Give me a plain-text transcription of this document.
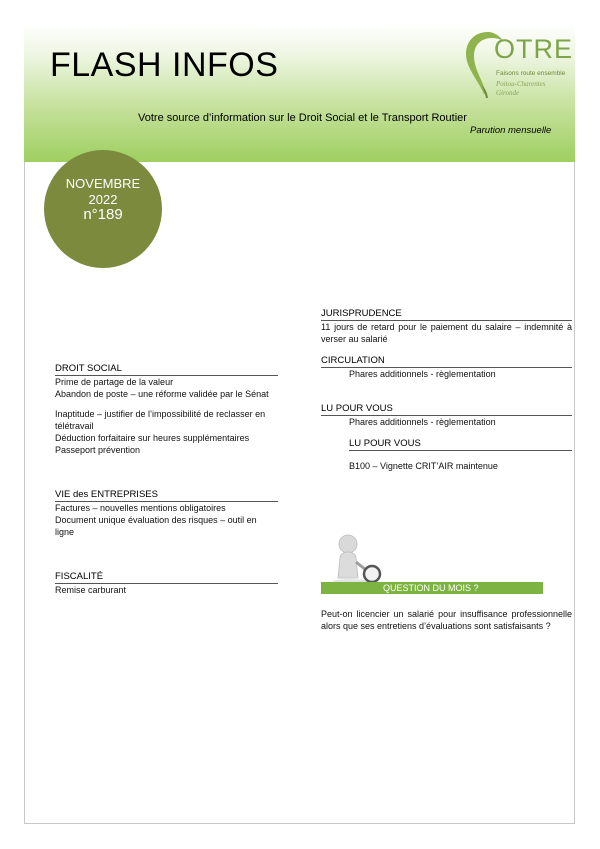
FLASH INFOS
Votre source d’information sur le Droit Social et le Transport Routier
Parution mensuelle
OTRE
Faisons route ensemble
Poitou-Charentes
Gironde
NOVEMBRE
2022
n°189
DROIT SOCIAL
Prime de partage de la valeur
Abandon de poste – une réforme validée par le Sénat
Inaptitude – justifier de l’impossibilité de reclasser en télétravail
Déduction forfaitaire sur heures supplémentaires
Passeport prévention
VIE des ENTREPRISES
Factures – nouvelles mentions obligatoires
Document unique évaluation des risques – outil en ligne
FISCALITÉ
Remise carburant
JURISPRUDENCE
11 jours de retard pour le paiement du salaire – indemnité à verser au salarié
CIRCULATION
Phares additionnels - règlementation
LU POUR VOUS
Phares additionnels - règlementation
LU POUR VOUS
B100 – Vignette CRIT’AIR maintenue
QUESTION DU MOIS ?
Peut-on licencier un salarié pour insuffisance professionnelle alors que ses entretiens d’évaluations sont satisfaisants ?
